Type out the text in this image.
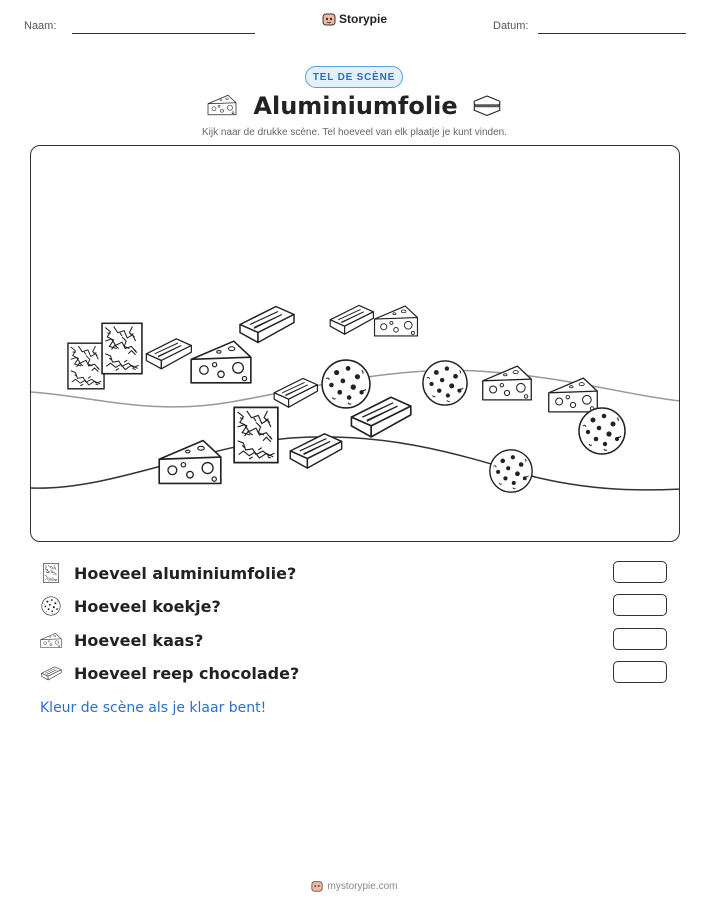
Naam:	Storypie	Datum:
TEL DE SCÈNE
Aluminiumfolie
Kijk naar de drukke scène. Tel hoeveel van elk plaatje je kunt vinden.
Hoeveel aluminiumfolie?
Hoeveel koekje?
Hoeveel kaas?
Hoeveel reep chocolade?
Kleur de scène als je klaar bent!
mystorypie.com
